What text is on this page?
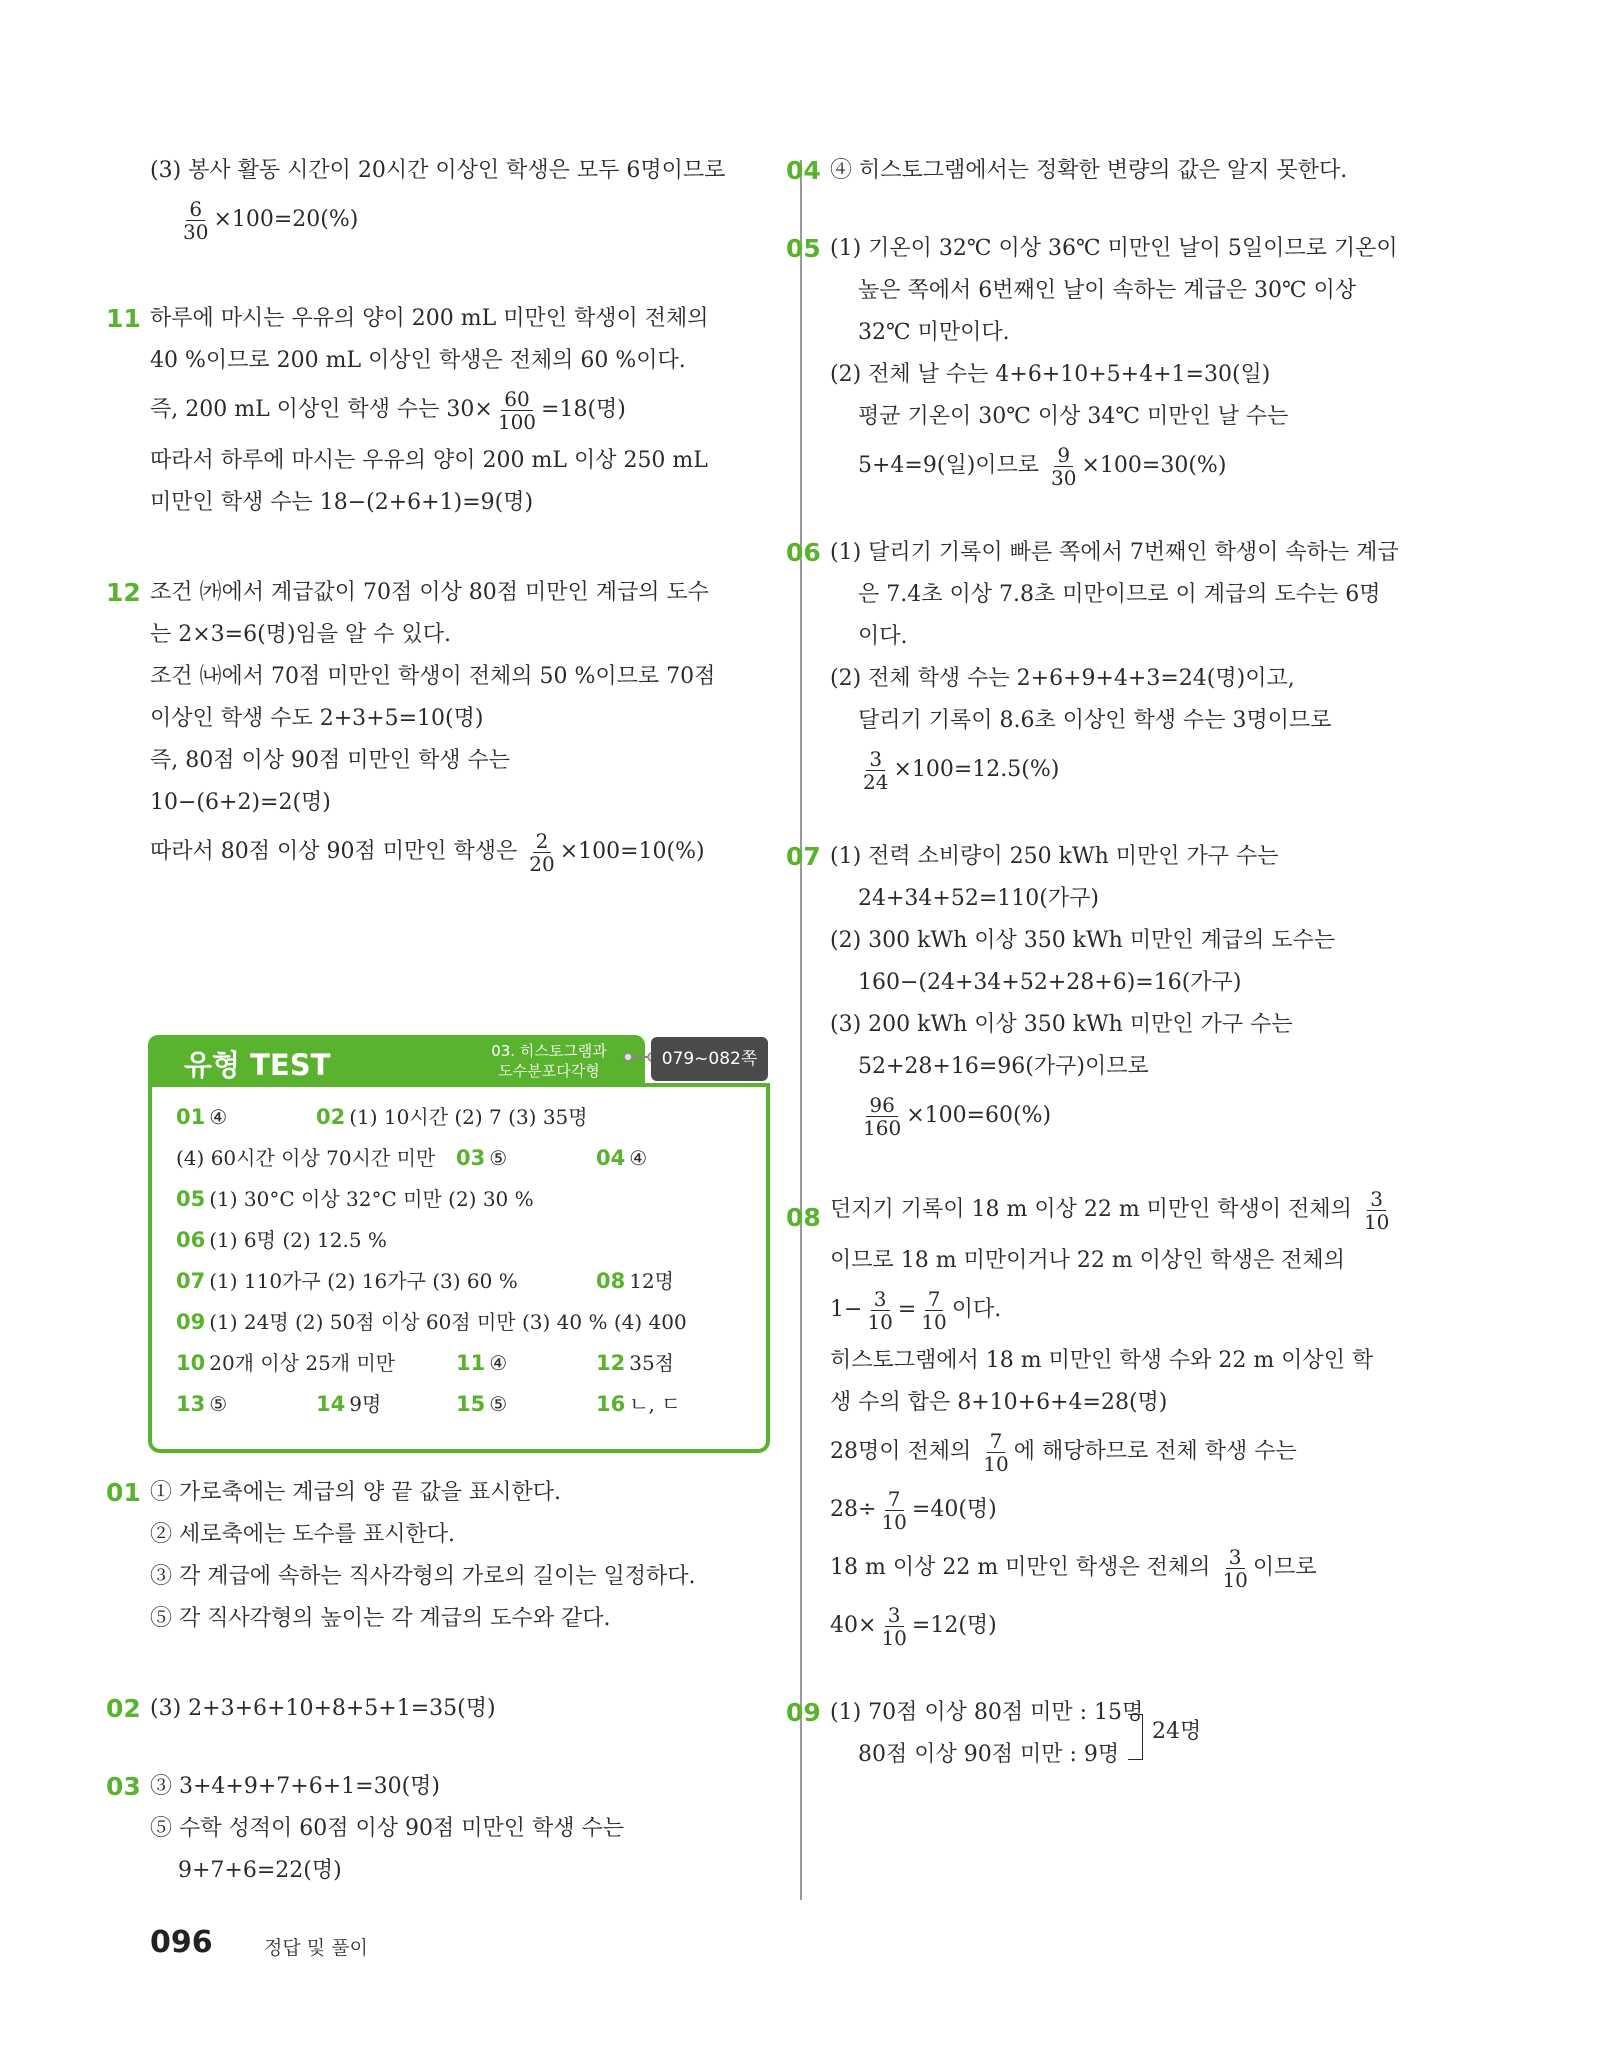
(3) 봉사 활동 시간이 20시간 이상인 학생은 모두 6명이므로
$\frac{6}{30} \times 100=20(\%)$
11 하루에 마시는 우유의 양이 200 mL 미만인 학생이 전체의
40 %이므로 200 mL 이상인 학생은 전체의 60 %이다.
즉, 200 mL 이상인 학생 수는 $30\times \frac{60}{100} =18$(명)
따라서 하루에 마시는 우유의 양이 200 mL 이상 250 mL
미만인 학생 수는 18−(2+6+1)=9(명)
12 조건 ㈎에서 계급값이 70점 이상 80점 미만인 계급의 도수
는 2×3=6(명)임을 알 수 있다.
조건 ㈏에서 70점 미만인 학생이 전체의 50 %이므로 70점
이상인 학생 수도 2+3+5=10(명)
즉, 80점 이상 90점 미만인 학생 수는
10−(6+2)=2(명)
따라서 80점 이상 90점 미만인 학생은 $\frac{2}{20} \times 100=10(\%)$
유형 TEST	03. 히스토그램과
도수분포다각형
079~082쪽
01 ④	02 (1) 10시간 (2) 7 (3) 35명
(4) 60시간 이상 70시간 미만 03 ⑤	04 ④
05 (1) 30°C 이상 32°C 미만 (2) 30 %
06 (1) 6명 (2) 12.5 %
07 (1) 110가구 (2) 16가구 (3) 60 %	08 12명
09 (1) 24명 (2) 50점 이상 60점 미만 (3) 40 % (4) 400
10 20개 이상 25개 미만	11 ④	12 35점
13 ⑤	14 9명	15 ⑤	16 ㄴ, ㄷ
04 ④ 히스토그램에서는 정확한 변량의 값은 알지 못한다.
05 (1) 기온이 32℃ 이상 36℃ 미만인 날이 5일이므로 기온이
높은 쪽에서 6번째인 날이 속하는 계급은 30℃ 이상
32℃ 미만이다.
(2) 전체 날 수는 4+6+10+5+4+1=30(일)
평균 기온이 30℃ 이상 34℃ 미만인 날 수는
5+4=9(일)이므로 $\frac{9}{30} \times 100=30(\%)$
06 (1) 달리기 기록이 빠른 쪽에서 7번째인 학생이 속하는 계급
은 7.4초 이상 7.8초 미만이므로 이 계급의 도수는 6명
이다.
(2) 전체 학생 수는 2+6+9+4+3=24(명)이고,
달리기 기록이 8.6초 이상인 학생 수는 3명이므로
$\frac{3}{24} \times 100=12.5(\%)$
07 (1) 전력 소비량이 250 kWh 미만인 가구 수는
24+34+52=110(가구)
(2) 300 kWh 이상 350 kWh 미만인 계급의 도수는
160−(24+34+52+28+6)=16(가구)
(3) 200 kWh 이상 350 kWh 미만인 가구 수는
52+28+16=96(가구)이므로
$\frac{96}{160} \times 100=60(\%)$
08 던지기 기록이 18 m 이상 22 m 미만인 학생이 전체의 $\frac{3}{10}$
이므로 18 m 미만이거나 22 m 이상인 학생은 전체의
$1- \frac{3}{10} = \frac{7}{10}$ 이다.
히스토그램에서 18 m 미만인 학생 수와 22 m 이상인 학
생 수의 합은 8+10+6+4=28(명)
28명이 전체의 $\frac{7}{10}$ 에 해당하므로 전체 학생 수는
$28\div \frac{7}{10} =40$(명)
18 m 이상 22 m 미만인 학생은 전체의 $\frac{3}{10}$ 이므로
$40\times \frac{3}{10} =12$(명)
09 (1) 70점 이상 80점 미만 : 15명
80점 이상 90점 미만 : 9명
24명
01 ① 가로축에는 계급의 양 끝 값을 표시한다.
② 세로축에는 도수를 표시한다.
③ 각 계급에 속하는 직사각형의 가로의 길이는 일정하다.
⑤ 각 직사각형의 높이는 각 계급의 도수와 같다.
02 (3) 2+3+6+10+8+5+1=35(명)
03 ③ 3+4+9+7+6+1=30(명)
⑤ 수학 성적이 60점 이상 90점 미만인 학생 수는
9+7+6=22(명)
096	정답 및 풀이
